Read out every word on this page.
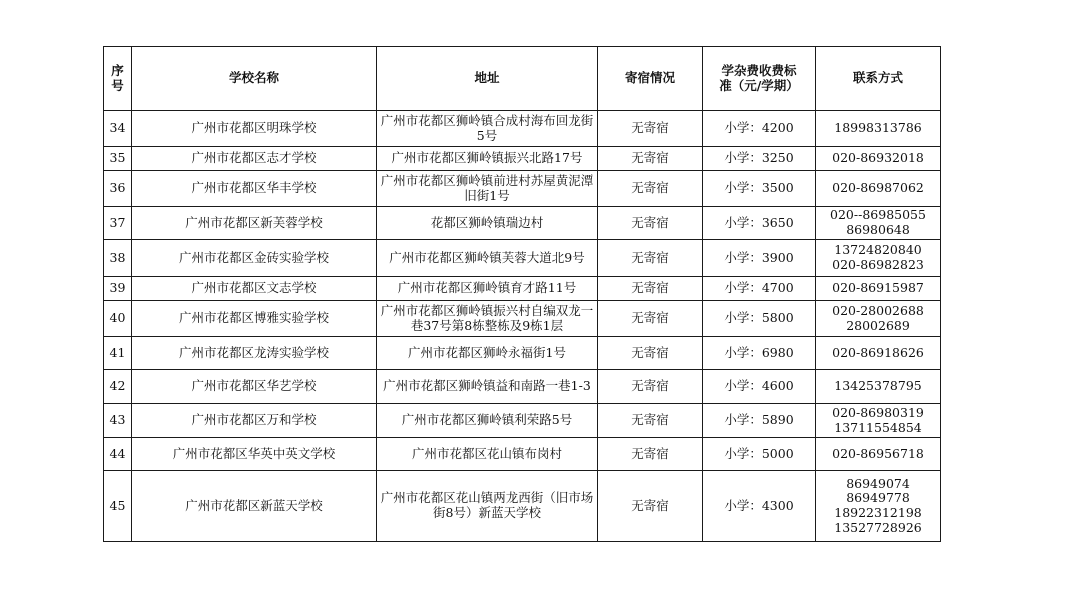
序号	学校名称	地址	寄宿情况	学杂费收费标准（元/学期）	联系方式
34	广州市花都区明珠学校	广州市花都区狮岭镇合成村海布回龙街5号	无寄宿	小学：4200	18998313786
35	广州市花都区志才学校	广州市花都区狮岭镇振兴北路17号	无寄宿	小学：3250	020-86932018
36	广州市花都区华丰学校	广州市花都区狮岭镇前进村苏屋黄泥潭旧街1号	无寄宿	小学：3500	020-86987062
37	广州市花都区新芙蓉学校	花都区狮岭镇瑞边村	无寄宿	小学：3650	020--86985055
86980648
38	广州市花都区金砖实验学校	广州市花都区狮岭镇芙蓉大道北9号	无寄宿	小学：3900	13724820840
020-86982823
39	广州市花都区文志学校	广州市花都区狮岭镇育才路11号	无寄宿	小学：4700	020-86915987
40	广州市花都区博雅实验学校	广州市花都区狮岭镇振兴村自编双龙一巷37号第8栋整栋及9栋1层	无寄宿	小学：5800	020-28002688
28002689
41	广州市花都区龙涛实验学校	广州市花都区狮岭永福街1号	无寄宿	小学：6980	020-86918626
42	广州市花都区华艺学校	广州市花都区狮岭镇益和南路一巷1-3	无寄宿	小学：4600	13425378795
43	广州市花都区万和学校	广州市花都区狮岭镇利荣路5号	无寄宿	小学：5890	020-86980319
13711554854
44	广州市花都区华英中英文学校	广州市花都区花山镇布岗村	无寄宿	小学：5000	020-86956718
45	广州市花都区新蓝天学校	广州市花都区花山镇两龙西街（旧市场街8号）新蓝天学校	无寄宿	小学：4300	86949074 86949778
18922312198
13527728926
